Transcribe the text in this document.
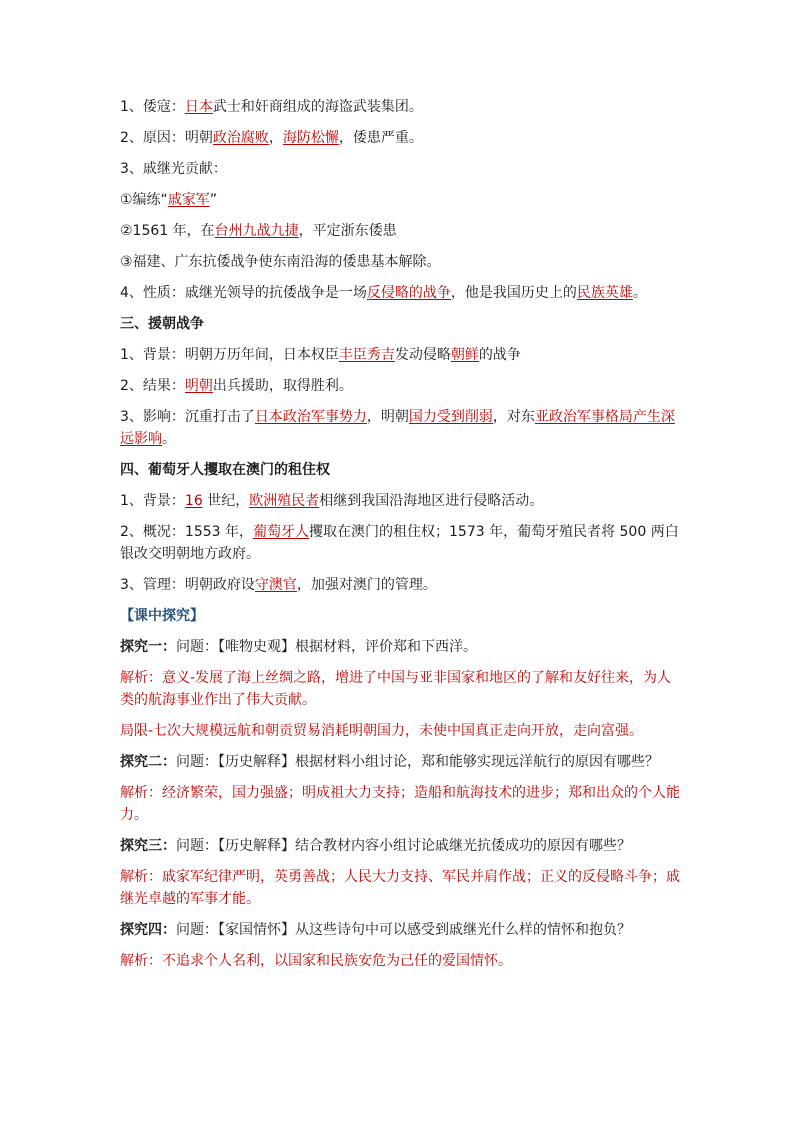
1、倭寇：日本武士和奸商组成的海盗武装集团。
2、原因：明朝政治腐败，海防松懈，倭患严重。
3、戚继光贡献：
①编练“戚家军”
②1561 年，在台州九战九捷，平定浙东倭患
③福建、广东抗倭战争使东南沿海的倭患基本解除。
4、性质：戚继光领导的抗倭战争是一场反侵略的战争，他是我国历史上的民族英雄。
三、援朝战争
1、背景：明朝万历年间，日本权臣丰臣秀吉发动侵略朝鲜的战争
2、结果：明朝出兵援助，取得胜利。
3、影响：沉重打击了日本政治军事势力，明朝国力受到削弱，对东亚政治军事格局产生深远影响。
四、葡萄牙人攫取在澳门的租住权
1、背景：16 世纪，欧洲殖民者相继到我国沿海地区进行侵略活动。
2、概况：1553 年，葡萄牙人攫取在澳门的租住权；1573 年，葡萄牙殖民者将 500 两白银改交明朝地方政府。
3、管理：明朝政府设守澳官，加强对澳门的管理。
【课中探究】
探究一：问题：【唯物史观】根据材料，评价郑和下西洋。
解析：意义-发展了海上丝绸之路，增进了中国与亚非国家和地区的了解和友好往来，为人类的航海事业作出了伟大贡献。
局限-七次大规模远航和朝贡贸易消耗明朝国力，未使中国真正走向开放，走向富强。
探究二：问题：【历史解释】根据材料小组讨论，郑和能够实现远洋航行的原因有哪些？
解析：经济繁荣，国力强盛；明成祖大力支持；造船和航海技术的进步；郑和出众的个人能力。
探究三：问题：【历史解释】结合教材内容小组讨论戚继光抗倭成功的原因有哪些？
解析：戚家军纪律严明，英勇善战；人民大力支持、军民并肩作战；正义的反侵略斗争；戚继光卓越的军事才能。
探究四：问题：【家国情怀】从这些诗句中可以感受到戚继光什么样的情怀和抱负？
解析：不追求个人名利，以国家和民族安危为己任的爱国情怀。
